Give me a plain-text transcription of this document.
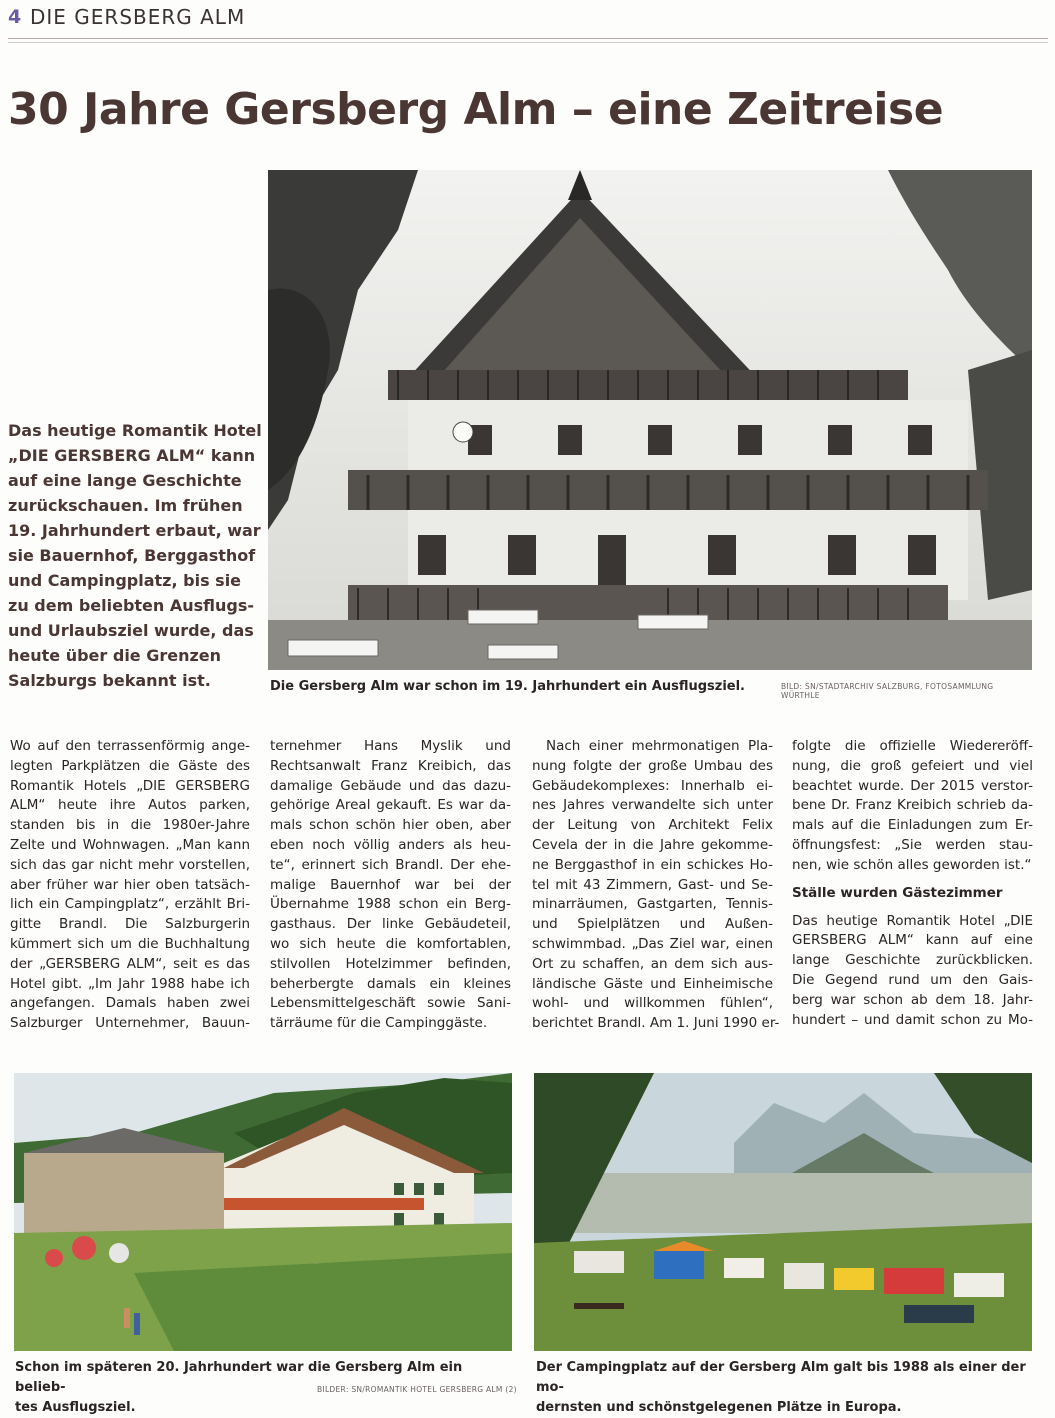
4 DIE GERSBERG ALM
30 Jahre Gersberg Alm – eine Zeitreise
Das heutige Romantik Hotel
„DIE GERSBERG ALM“ kann
auf eine lange Geschichte
zurückschauen. Im frühen
19. Jahrhundert erbaut, war
sie Bauernhof, Berggasthof
und Campingplatz, bis sie
zu dem beliebten Ausflugs-
und Urlaubsziel wurde, das
heute über die Grenzen
Salzburgs bekannt ist.	Die Gersberg Alm war schon im 19. Jahrhundert ein Ausflugsziel.	BILD: SN/STADTARCHIV SALZBURG, FOTOSAMMLUNG WÜRTHLE
Wo auf den terrassenförmig ange-
legten Parkplätzen die Gäste des
Romantik Hotels „DIE GERSBERG
ALM“ heute ihre Autos parken,
standen bis in die 1980er-Jahre
Zelte und Wohnwagen. „Man kann
sich das gar nicht mehr vorstellen,
aber früher war hier oben tatsäch-
lich ein Campingplatz“, erzählt Bri-
gitte Brandl. Die Salzburgerin
kümmert sich um die Buchhaltung
der „GERSBERG ALM“, seit es das
Hotel gibt. „Im Jahr 1988 habe ich
angefangen. Damals haben zwei
Salzburger Unternehmer, Bauun-
ternehmer Hans Myslik und
Rechtsanwalt Franz Kreibich, das
damalige Gebäude und das dazu-
gehörige Areal gekauft. Es war da-
mals schon schön hier oben, aber
eben noch völlig anders als heu-
te“, erinnert sich Brandl. Der ehe-
malige Bauernhof war bei der
Übernahme 1988 schon ein Berg-
gasthaus. Der linke Gebäudeteil,
wo sich heute die komfortablen,
stilvollen Hotelzimmer befinden,
beherbergte damals ein kleines
Lebensmittelgeschäft sowie Sani-
tärräume für die Campinggäste.
Nach einer mehrmonatigen Pla-
nung folgte der große Umbau des
Gebäudekomplexes: Innerhalb ei-
nes Jahres verwandelte sich unter
der Leitung von Architekt Felix
Cevela der in die Jahre gekomme-
ne Berggasthof in ein schickes Ho-
tel mit 43 Zimmern, Gast- und Se-
minarräumen, Gastgarten, Tennis-
und Spielplätzen und Außen-
schwimmbad. „Das Ziel war, einen
Ort zu schaffen, an dem sich aus-
ländische Gäste und Einheimische
wohl- und willkommen fühlen“,
berichtet Brandl. Am 1. Juni 1990 er-
folgte die offizielle Wiedereröff-
nung, die groß gefeiert und viel
beachtet wurde. Der 2015 verstor-
bene Dr. Franz Kreibich schrieb da-
mals auf die Einladungen zum Er-
öffnungsfest: „Sie werden stau-
nen, wie schön alles geworden ist.“
Ställe wurden Gästezimmer
Das heutige Romantik Hotel „DIE
GERSBERG ALM“ kann auf eine
lange Geschichte zurückblicken.
Die Gegend rund um den Gais-
berg war schon ab dem 18. Jahr-
hundert – und damit schon zu Mo-
Schon im späteren 20. Jahrhundert war die Gersberg Alm ein belieb-
tes Ausflugsziel.
BILDER: SN/ROMANTIK HOTEL GERSBERG ALM (2)
Der Campingplatz auf der Gersberg Alm galt bis 1988 als einer der mo-
dernsten und schönstgelegenen Plätze in Europa.
